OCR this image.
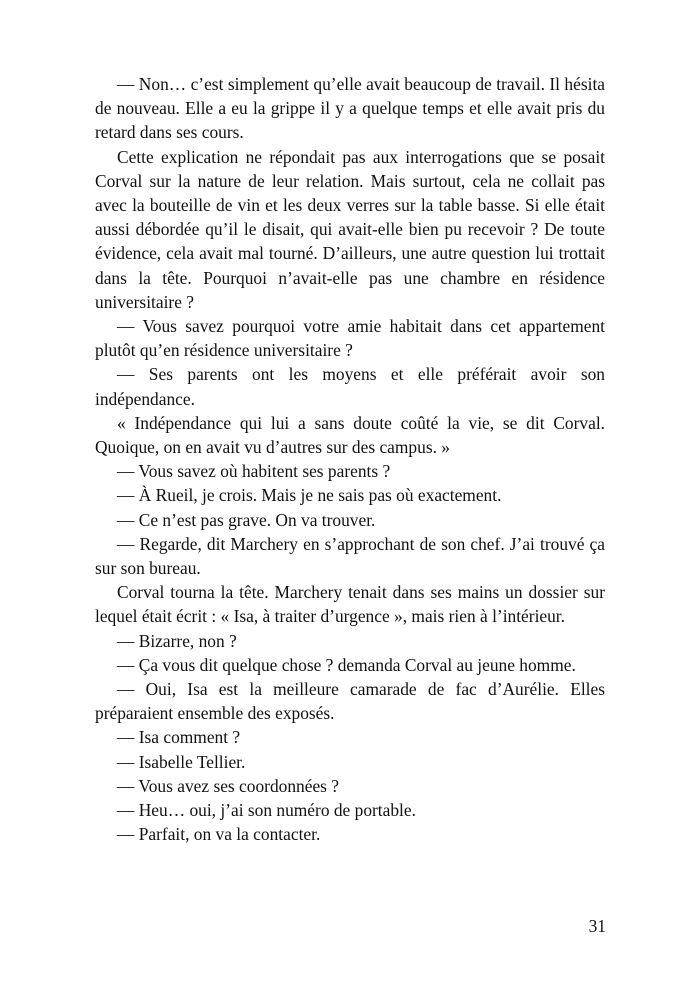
— Non… c’est simplement qu’elle avait beaucoup de travail. Il hésita de nouveau. Elle a eu la grippe il y a quelque temps et elle avait pris du retard dans ses cours.

Cette explication ne répondait pas aux interrogations que se posait Corval sur la nature de leur relation. Mais surtout, cela ne collait pas avec la bouteille de vin et les deux verres sur la table basse. Si elle était aussi débordée qu’il le disait, qui avait-elle bien pu recevoir ? De toute évidence, cela avait mal tourné. D’ailleurs, une autre question lui trottait dans la tête. Pourquoi n’avait-elle pas une chambre en résidence universitaire ?

— Vous savez pourquoi votre amie habitait dans cet appartement plutôt qu’en résidence universitaire ?

— Ses parents ont les moyens et elle préférait avoir son indépendance.

« Indépendance qui lui a sans doute coûté la vie, se dit Corval. Quoique, on en avait vu d’autres sur des campus. »

— Vous savez où habitent ses parents ?

— À Rueil, je crois. Mais je ne sais pas où exactement.

— Ce n’est pas grave. On va trouver.

— Regarde, dit Marchery en s’approchant de son chef. J’ai trouvé ça sur son bureau.

Corval tourna la tête. Marchery tenait dans ses mains un dossier sur lequel était écrit : « Isa, à traiter d’urgence », mais rien à l’intérieur.

— Bizarre, non ?

— Ça vous dit quelque chose ? demanda Corval au jeune homme.

— Oui, Isa est la meilleure camarade de fac d’Aurélie. Elles préparaient ensemble des exposés.

— Isa comment ?

— Isabelle Tellier.

— Vous avez ses coordonnées ?

— Heu… oui, j’ai son numéro de portable.

— Parfait, on va la contacter.

31
